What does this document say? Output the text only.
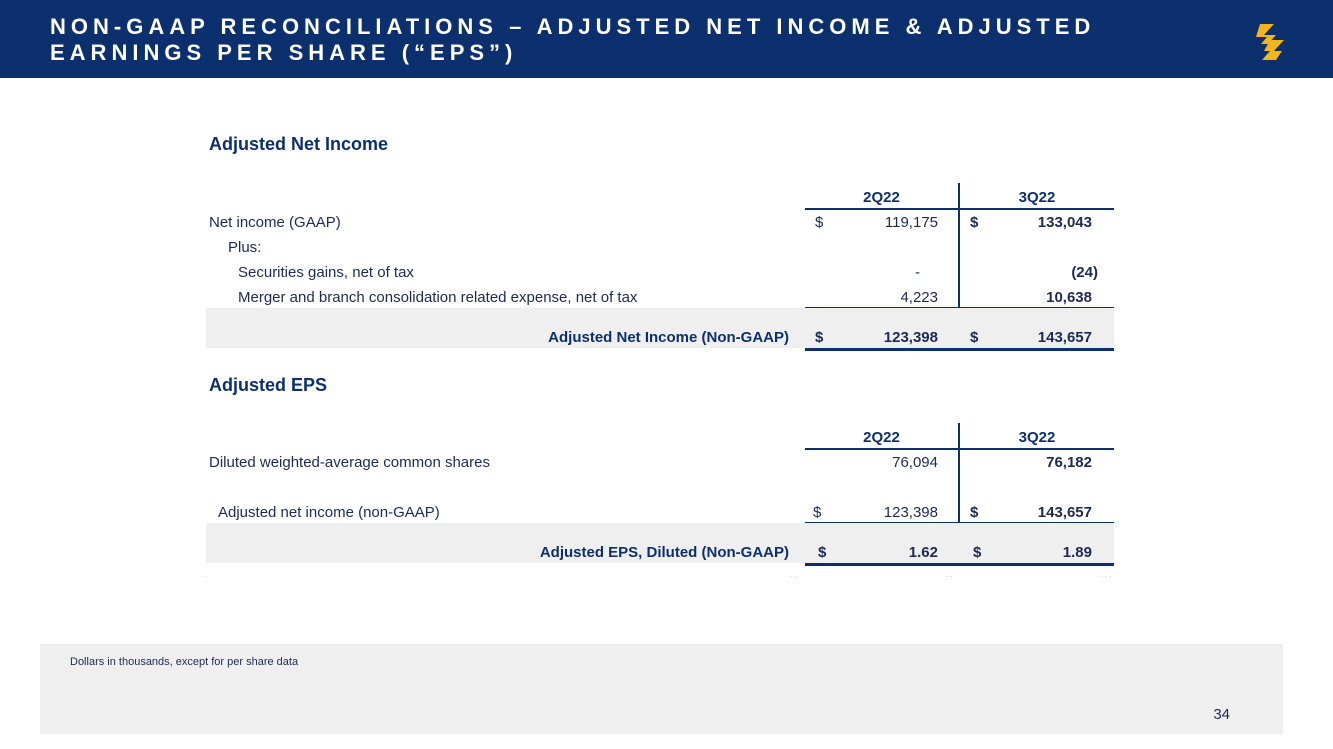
NON-GAAP RECONCILIATIONS – ADJUSTED NET INCOME & ADJUSTED EARNINGS PER SHARE (“EPS”)
Adjusted Net Income
2Q22	3Q22
Net income (GAAP)	$	119,175 $	133,043
Plus:
Securities gains, net of tax	-	(24)
Merger and branch consolidation related expense, net of tax	4,223	10,638
Adjusted Net Income (Non-GAAP) $	123,398 $	143,657
Adjusted EPS
2Q22	3Q22
Diluted weighted-average common shares	76,094	76,182
Adjusted net income (non-GAAP)	$	123,398 $	143,657
Adjusted EPS, Diluted (Non-GAAP) $	1.62 $	1.89
.	. .	. .	. . .
Dollars in thousands, except for per share data
34
